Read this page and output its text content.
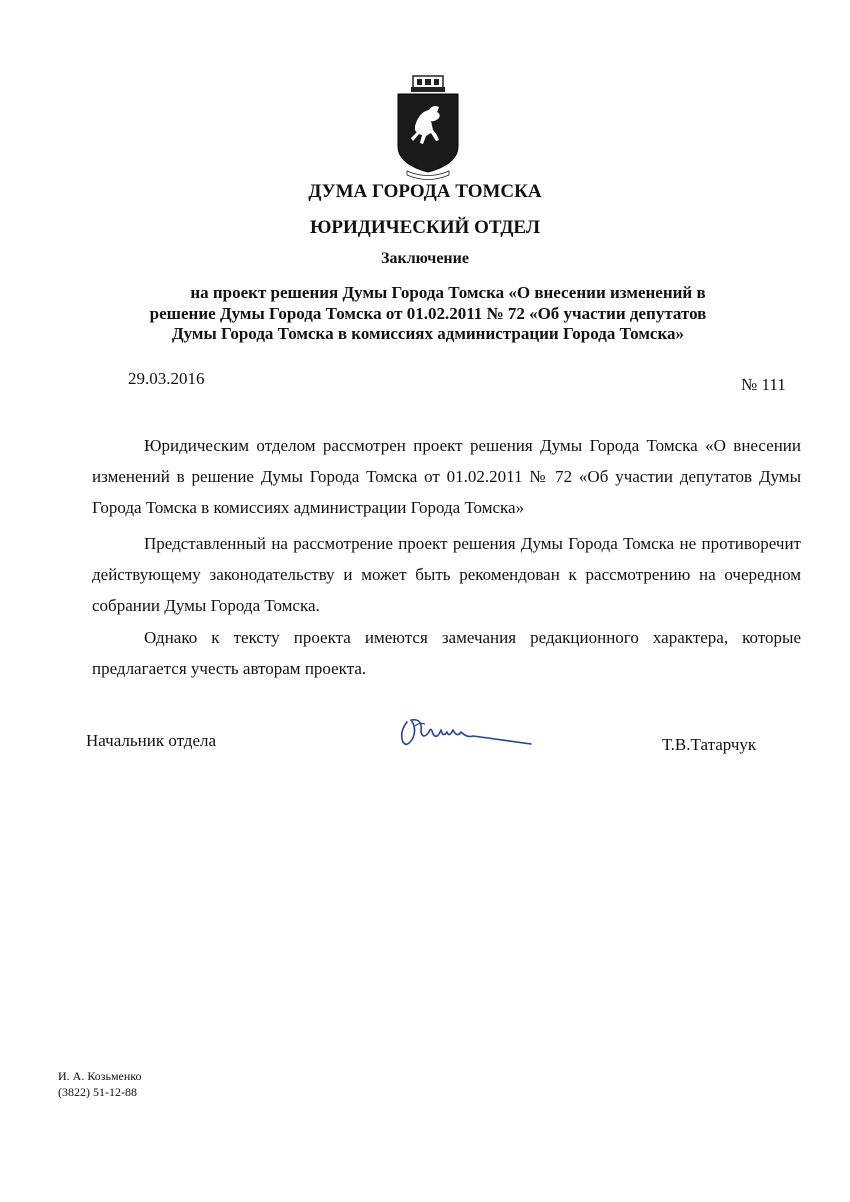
ДУМА ГОРОДА ТОМСКА
ЮРИДИЧЕСКИЙ ОТДЕЛ
Заключение
на проект решения Думы Города Томска «О внесении изменений в
решение Думы Города Томска от 01.02.2011 № 72 «Об участии депутатов
Думы Города Томска в комиссиях администрации Города Томска»
29.03.2016	№ 111

Юридическим отделом рассмотрен проект решения Думы Города Томска «О внесении изменений в решение Думы Города Томска от 01.02.2011 № 72 «Об участии депутатов Думы Города Томска в комиссиях администрации Города Томска»

Представленный на рассмотрение проект решения Думы Города Томска не противоречит действующему законодательству и может быть рекомендован к рассмотрению на очередном собрании Думы Города Томска.

Однако к тексту проекта имеются замечания редакционного характера, которые предлагается учесть авторам проекта.

Начальник отдела	Т.В.Татарчук
И. А. Козьменко
(3822) 51-12-88
